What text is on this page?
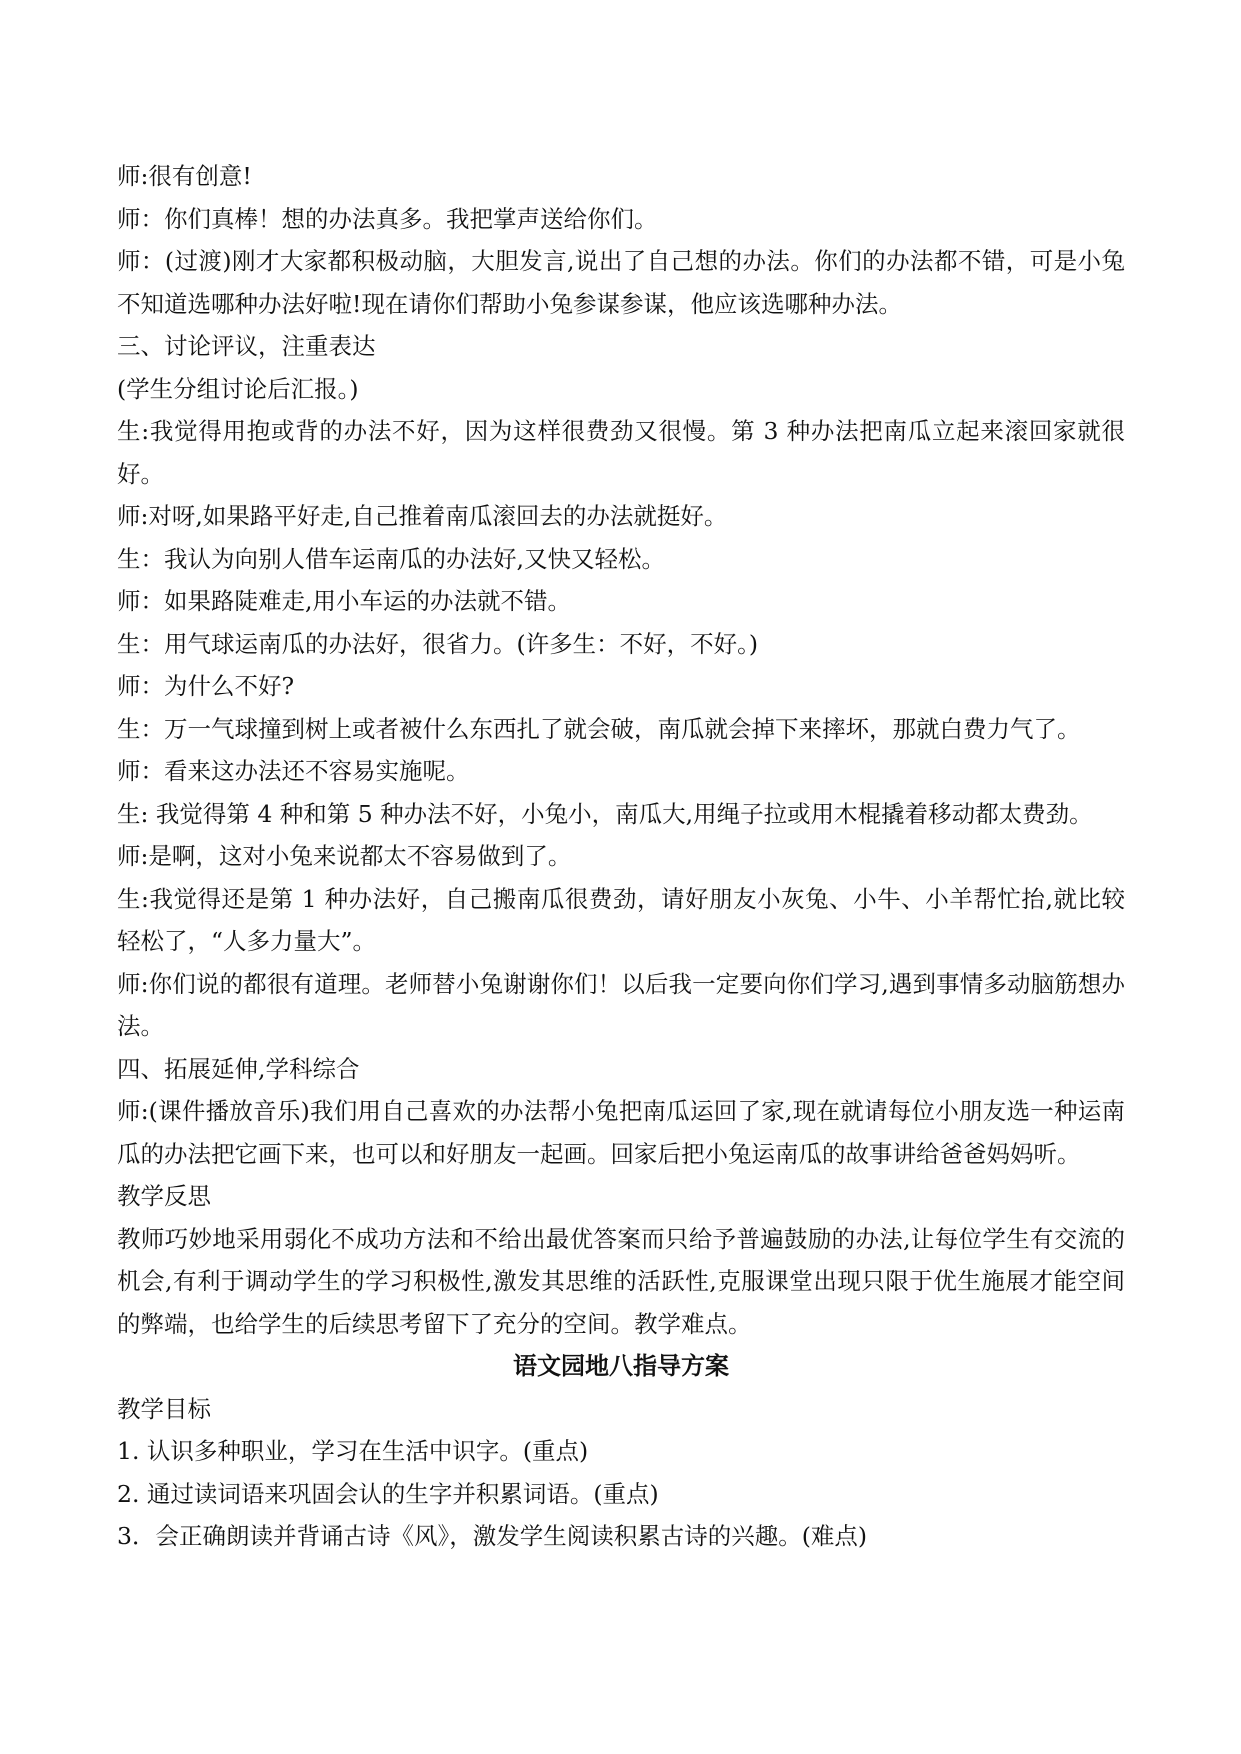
师:很有创意!

师：你们真棒！想的办法真多。我把掌声送给你们。

师：(过渡)刚才大家都积极动脑，大胆发言,说出了自己想的办法。你们的办法都不错，可是小兔不知道选哪种办法好啦!现在请你们帮助小兔参谋参谋，他应该选哪种办法。

三、讨论评议，注重表达

(学生分组讨论后汇报。)

生:我觉得用抱或背的办法不好，因为这样很费劲又很慢。第 3 种办法把南瓜立起来滚回家就很好。

师:对呀,如果路平好走,自己推着南瓜滚回去的办法就挺好。

生：我认为向别人借车运南瓜的办法好,又快又轻松。

师：如果路陡难走,用小车运的办法就不错。

生：用气球运南瓜的办法好，很省力。(许多生：不好，不好。)

师：为什么不好?

生：万一气球撞到树上或者被什么东西扎了就会破，南瓜就会掉下来摔坏，那就白费力气了。

师：看来这办法还不容易实施呢。

生: 我觉得第 4 种和第 5 种办法不好，小兔小，南瓜大,用绳子拉或用木棍撬着移动都太费劲。

师:是啊，这对小兔来说都太不容易做到了。

生:我觉得还是第 1 种办法好，自己搬南瓜很费劲，请好朋友小灰兔、小牛、小羊帮忙抬,就比较轻松了，“人多力量大”。

师:你们说的都很有道理。老师替小兔谢谢你们！以后我一定要向你们学习,遇到事情多动脑筋想办法。

四、拓展延伸,学科综合

师:(课件播放音乐)我们用自己喜欢的办法帮小兔把南瓜运回了家,现在就请每位小朋友选一种运南瓜的办法把它画下来，也可以和好朋友一起画。回家后把小兔运南瓜的故事讲给爸爸妈妈听。

教学反思

教师巧妙地采用弱化不成功方法和不给出最优答案而只给予普遍鼓励的办法,让每位学生有交流的机会,有利于调动学生的学习积极性,激发其思维的活跃性,克服课堂出现只限于优生施展才能空间的弊端，也给学生的后续思考留下了充分的空间。教学难点。

语文园地八指导方案

教学目标

1. 认识多种职业，学习在生活中识字。(重点)

2. 通过读词语来巩固会认的生字并积累词语。(重点)

3．会正确朗读并背诵古诗《风》，激发学生阅读积累古诗的兴趣。(难点)
